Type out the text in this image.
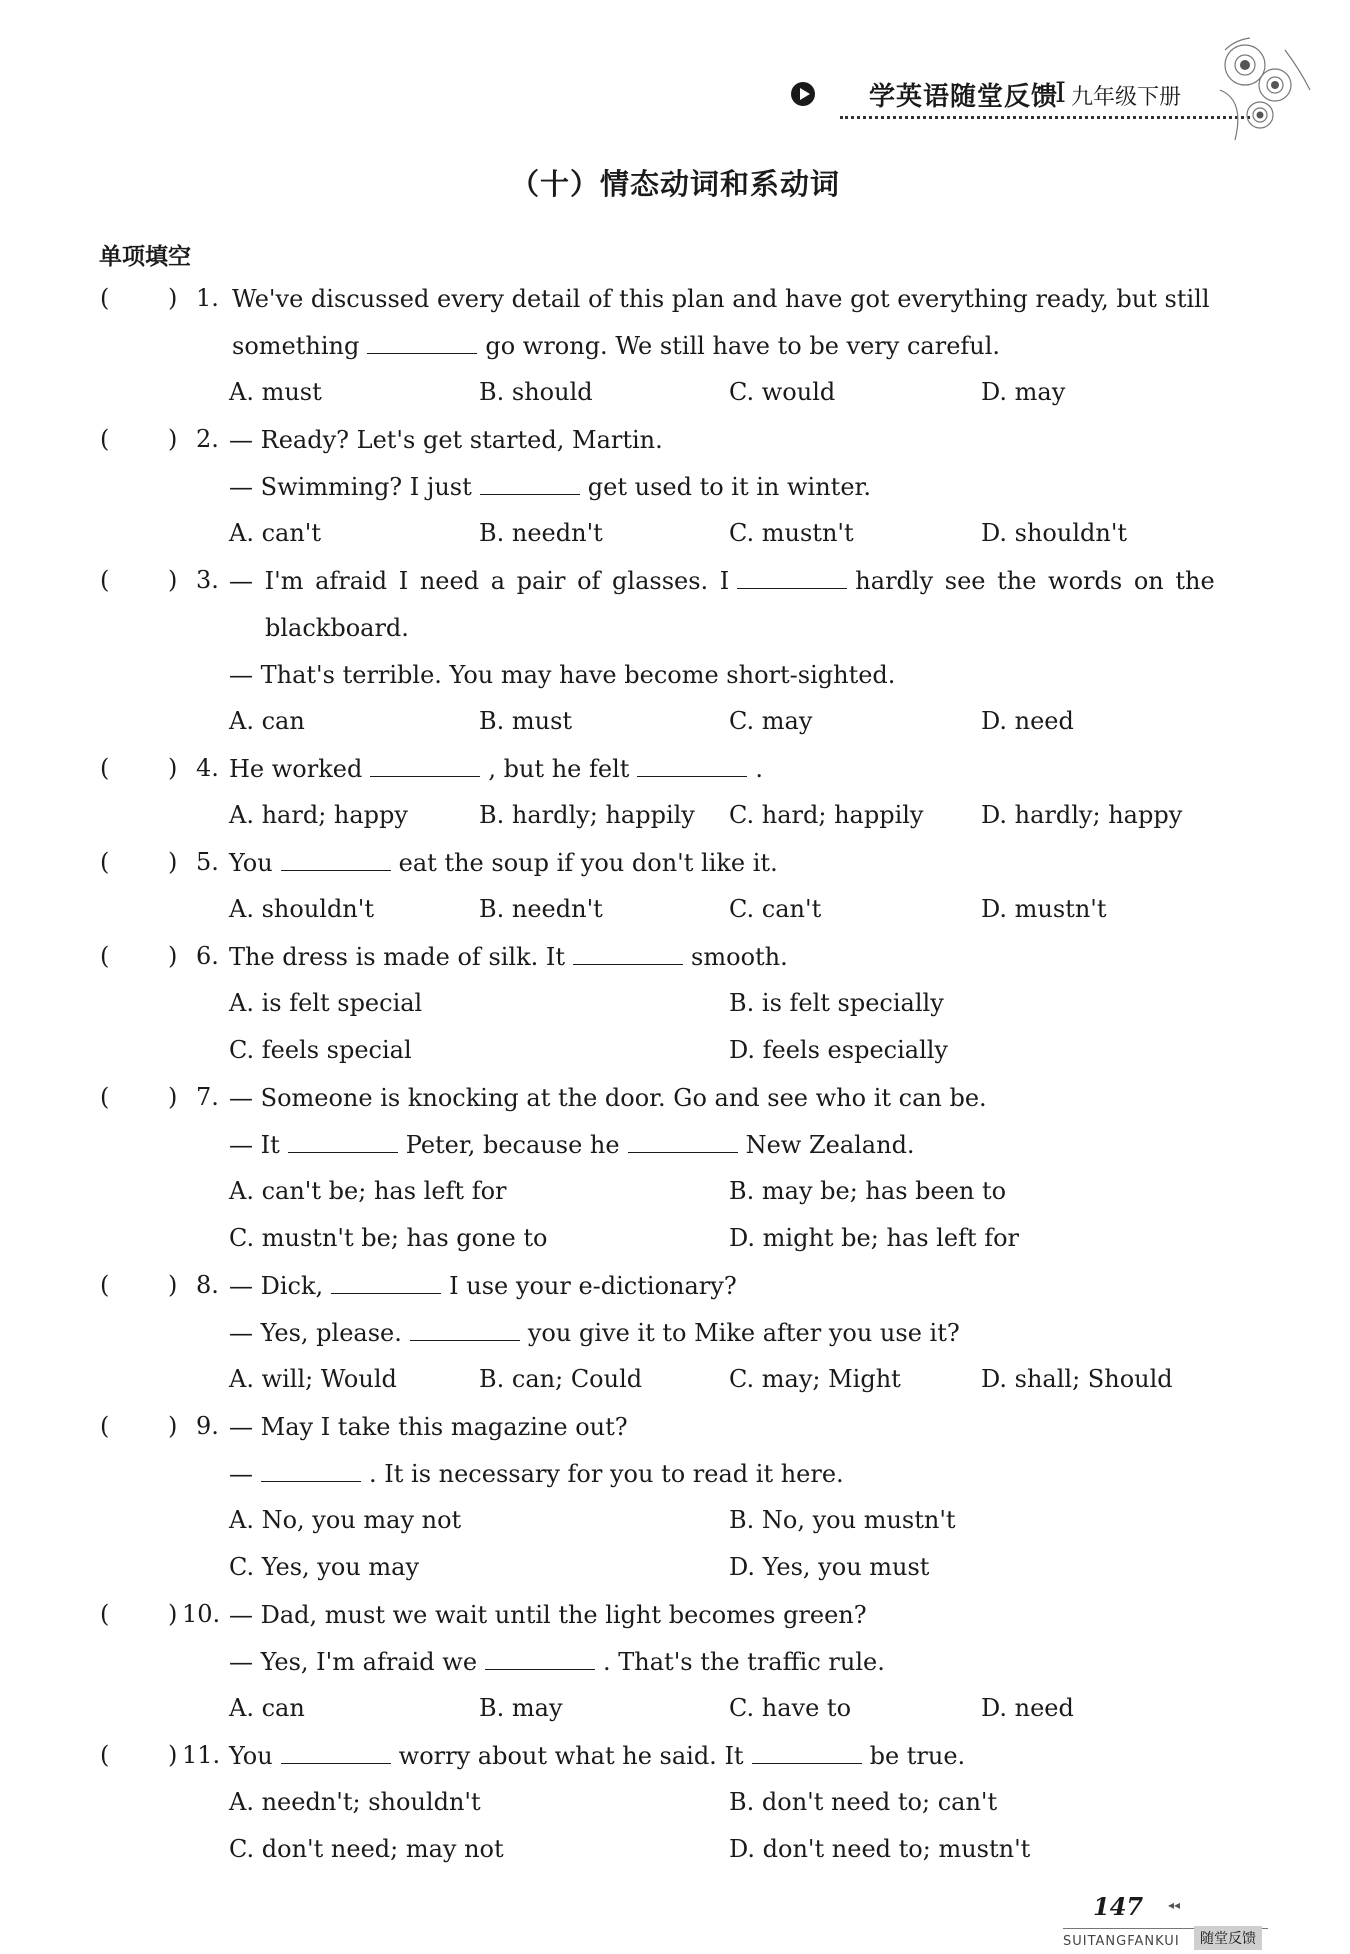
学英语随堂反馈
I 九年级下册
（十）情态动词和系动词
单项填空
( ) 1. We've discussed every detail of this plan and have got everything ready, but still
something	go wrong. We still have to be very careful.
A. must	B. should	C. would	D. may
( ) 2. — Ready? Let's get started, Martin.
— Swimming? I just	get used to it in winter.
A. can't	B. needn't	C. mustn't	D. shouldn't
( ) 3. — I'm afraid I need a pair of glasses. I	hardly see the words on the
blackboard.
— That's terrible. You may have become short-sighted.
A. can	B. must	C. may	D. need
( ) 4. He worked	, but he felt	.
A. hard; happy	B. hardly; happily C. hard; happily D. hardly; happy
( ) 5. You	eat the soup if you don't like it.
A. shouldn't	B. needn't	C. can't	D. mustn't
( ) 6. The dress is made of silk. It	smooth.
A. is felt special	B. is felt specially
C. feels special	D. feels especially
( ) 7. — Someone is knocking at the door. Go and see who it can be.
— It	Peter, because he	New Zealand.
A. can't be; has left for	B. may be; has been to
C. mustn't be; has gone to	D. might be; has left for
( ) 8. — Dick,	I use your e-dictionary?
— Yes, please.	you give it to Mike after you use it?
A. will; Would	B. can; Could	C. may; Might	D. shall; Should
( ) 9. — May I take this magazine out?
—	. It is necessary for you to read it here.
A. No, you may not	B. No, you mustn't
C. Yes, you may	D. Yes, you must
( ) 10. — Dad, must we wait until the light becomes green?
— Yes, I'm afraid we	. That's the traffic rule.
A. can	B. may	C. have to	D. need
( ) 11. You	worry about what he said. It	be true.
A. needn't; shouldn't	B. don't need to; can't
C. don't need; may not	D. don't need to; mustn't
147 ◂◂
SUITANGFANKUI	随堂反馈
